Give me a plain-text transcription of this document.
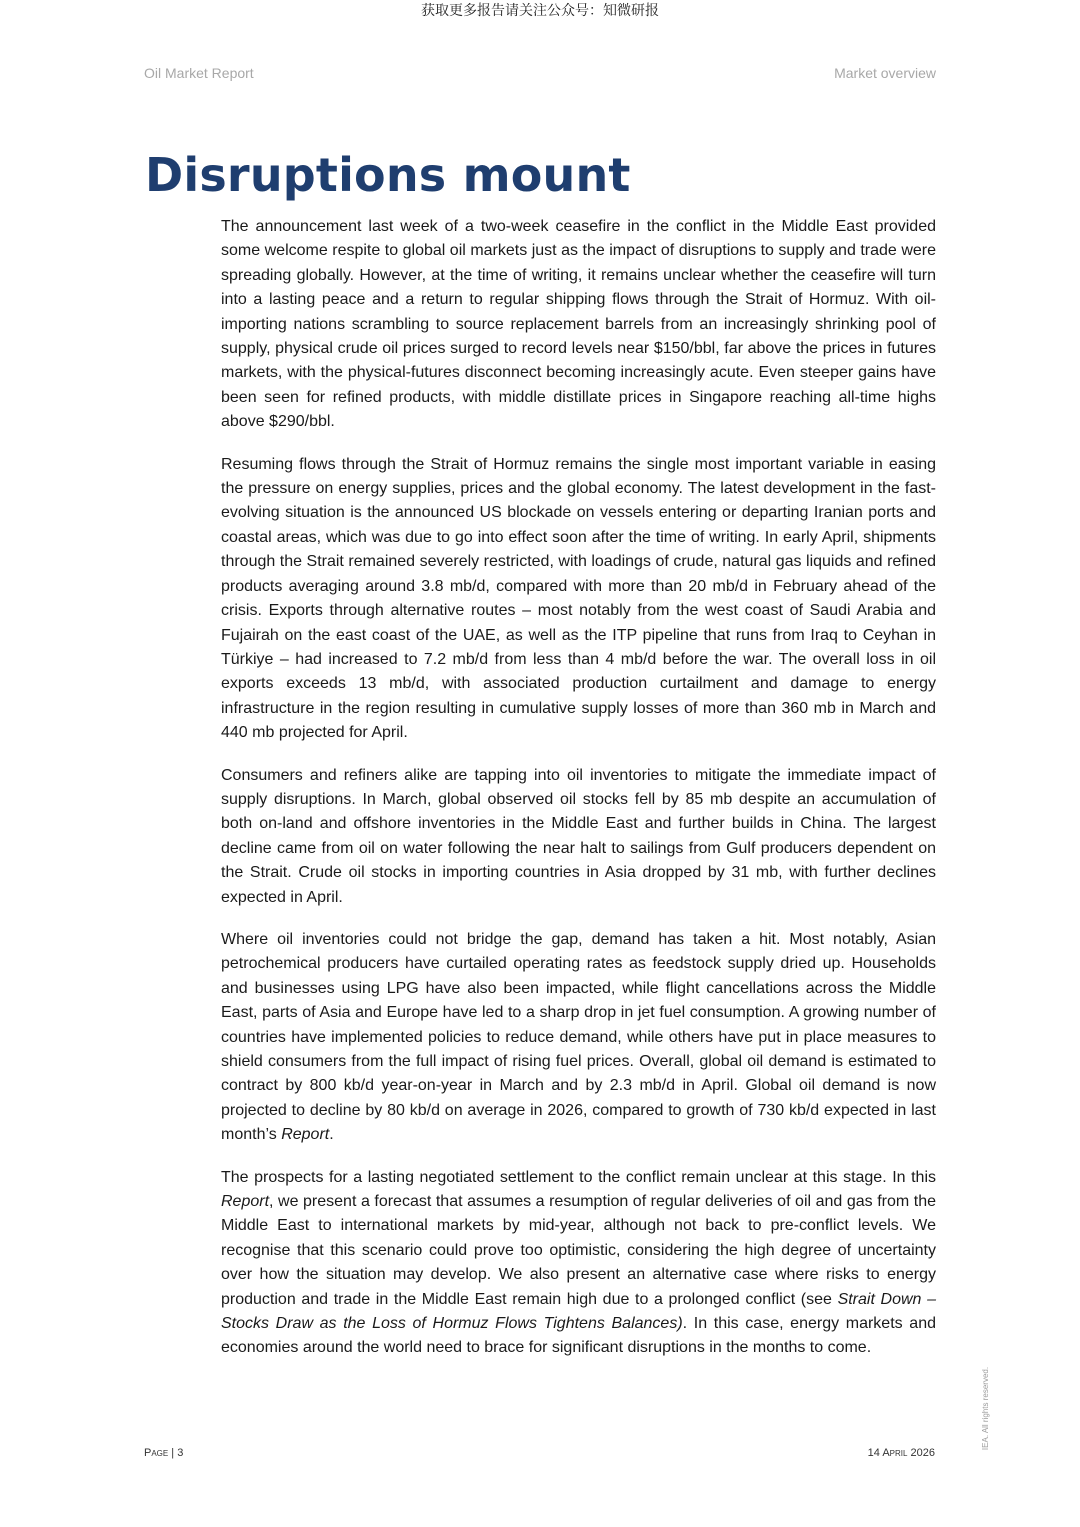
获取更多报告请关注公众号：知微研报
Oil Market Report	Market overview
Disruptions mount

The announcement last week of a two-week ceasefire in the conflict in the Middle East provided some welcome respite to global oil markets just as the impact of disruptions to supply and trade were spreading globally. However, at the time of writing, it remains unclear whether the ceasefire will turn into a lasting peace and a return to regular shipping flows through the Strait of Hormuz. With oil-importing nations scrambling to source replacement barrels from an increasingly shrinking pool of supply, physical crude oil prices surged to record levels near $150/bbl, far above the prices in futures markets, with the physical-futures disconnect becoming increasingly acute. Even steeper gains have been seen for refined products, with middle distillate prices in Singapore reaching all-time highs above $290/bbl.

Resuming flows through the Strait of Hormuz remains the single most important variable in easing the pressure on energy supplies, prices and the global economy. The latest development in the fast-evolving situation is the announced US blockade on vessels entering or departing Iranian ports and coastal areas, which was due to go into effect soon after the time of writing. In early April, shipments through the Strait remained severely restricted, with loadings of crude, natural gas liquids and refined products averaging around 3.8 mb/d, compared with more than 20 mb/d in February ahead of the crisis. Exports through alternative routes – most notably from the west coast of Saudi Arabia and Fujairah on the east coast of the UAE, as well as the ITP pipeline that runs from Iraq to Ceyhan in Türkiye – had increased to 7.2 mb/d from less than 4 mb/d before the war. The overall loss in oil exports exceeds 13 mb/d, with associated production curtailment and damage to energy infrastructure in the region resulting in cumulative supply losses of more than 360 mb in March and 440 mb projected for April.

Consumers and refiners alike are tapping into oil inventories to mitigate the immediate impact of supply disruptions. In March, global observed oil stocks fell by 85 mb despite an accumulation of both on-land and offshore inventories in the Middle East and further builds in China. The largest decline came from oil on water following the near halt to sailings from Gulf producers dependent on the Strait. Crude oil stocks in importing countries in Asia dropped by 31 mb, with further declines expected in April.

Where oil inventories could not bridge the gap, demand has taken a hit. Most notably, Asian petrochemical producers have curtailed operating rates as feedstock supply dried up. Households and businesses using LPG have also been impacted, while flight cancellations across the Middle East, parts of Asia and Europe have led to a sharp drop in jet fuel consumption. A growing number of countries have implemented policies to reduce demand, while others have put in place measures to shield consumers from the full impact of rising fuel prices. Overall, global oil demand is estimated to contract by 800 kb/d year-on-year in March and by 2.3 mb/d in April. Global oil demand is now projected to decline by 80 kb/d on average in 2026, compared to growth of 730 kb/d expected in last month’s Report.

The prospects for a lasting negotiated settlement to the conflict remain unclear at this stage. In this Report, we present a forecast that assumes a resumption of regular deliveries of oil and gas from the Middle East to international markets by mid-year, although not back to pre-conflict levels. We recognise that this scenario could prove too optimistic, considering the high degree of uncertainty over how the situation may develop. We also present an alternative case where risks to energy production and trade in the Middle East remain high due to a prolonged conflict (see Strait Down – Stocks Draw as the Loss of Hormuz Flows Tightens Balances). In this case, energy markets and economies around the world need to brace for significant disruptions in the months to come.

Page | 3	14 April 2026
IEA. All rights reserved.
